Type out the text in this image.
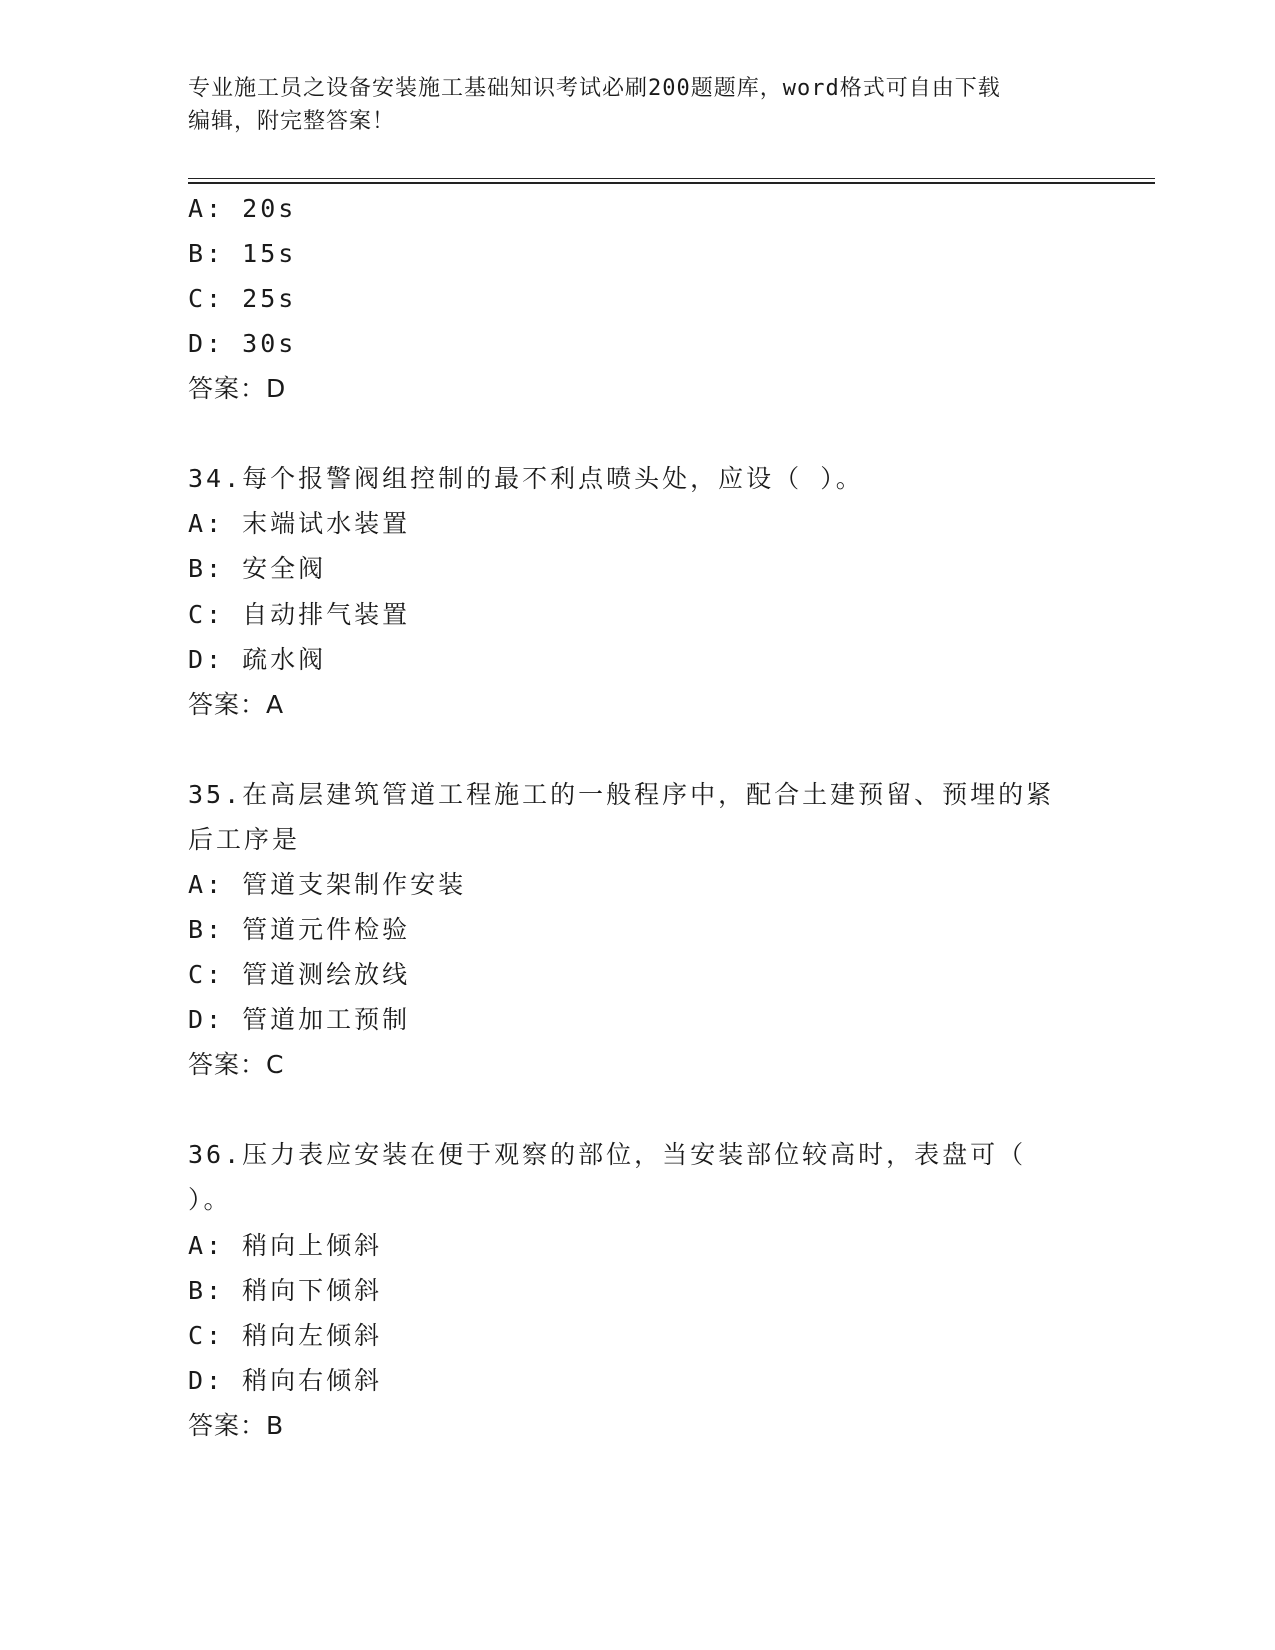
专业施工员之设备安装施工基础知识考试必刷200题题库，word格式可自由下载
编辑，附完整答案！
A: 20s
B: 15s
C: 25s
D: 30s
答案：D
34.每个报警阀组控制的最不利点喷头处，应设（ ）。
A: 末端试水装置
B: 安全阀
C: 自动排气装置
D: 疏水阀
答案：A
35.在高层建筑管道工程施工的一般程序中，配合土建预留、预埋的紧
后工序是
A: 管道支架制作安装
B: 管道元件检验
C: 管道测绘放线
D: 管道加工预制
答案：C
36.压力表应安装在便于观察的部位，当安装部位较高时，表盘可（
）。
A: 稍向上倾斜
B: 稍向下倾斜
C: 稍向左倾斜
D: 稍向右倾斜
答案：B
